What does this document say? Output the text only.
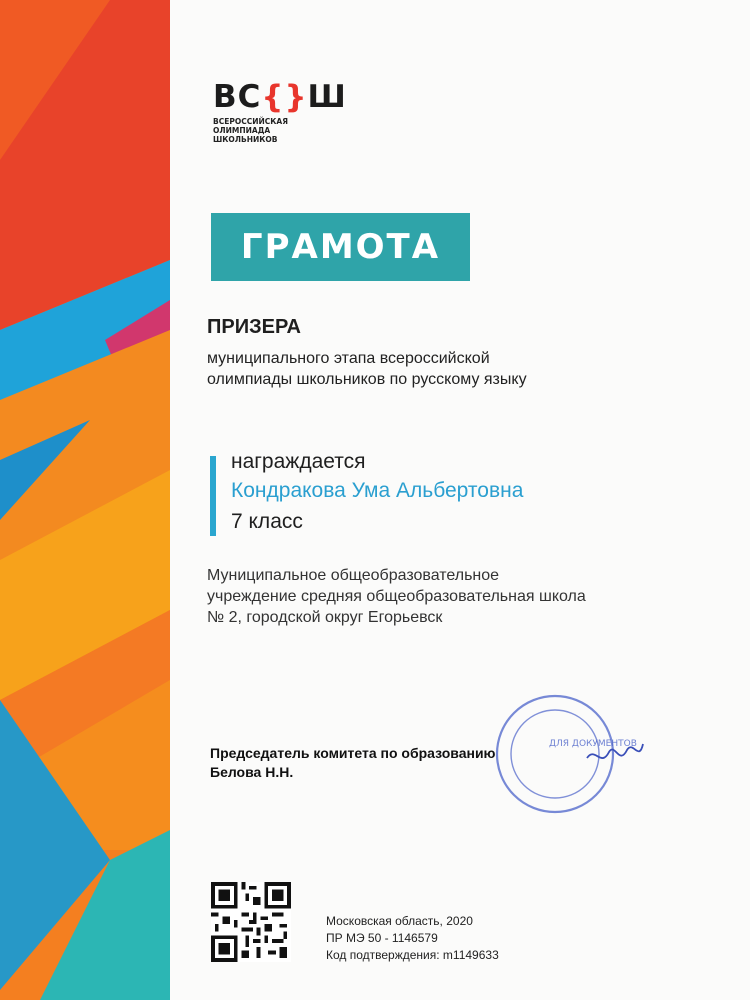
ВС{}Ш
ВСЕРОССИЙСКАЯ
ОЛИМПИАДА
ШКОЛЬНИКОВ
ГРАМОТА
ПРИЗЕРА
муниципального этапа всероссийской
олимпиады школьников по русскому языку
награждается
Кондракова Ума Альбертовна
7 класс
Муниципальное общеобразовательное
учреждение средняя общеобразовательная школа
№ 2, городской округ Егорьевск
ДЛЯ ДОКУМЕНТОВ
Председатель комитета по образованию
Белова Н.Н.
Московская область, 2020
ПР МЭ 50 - 1146579
Код подтверждения: m1149633
